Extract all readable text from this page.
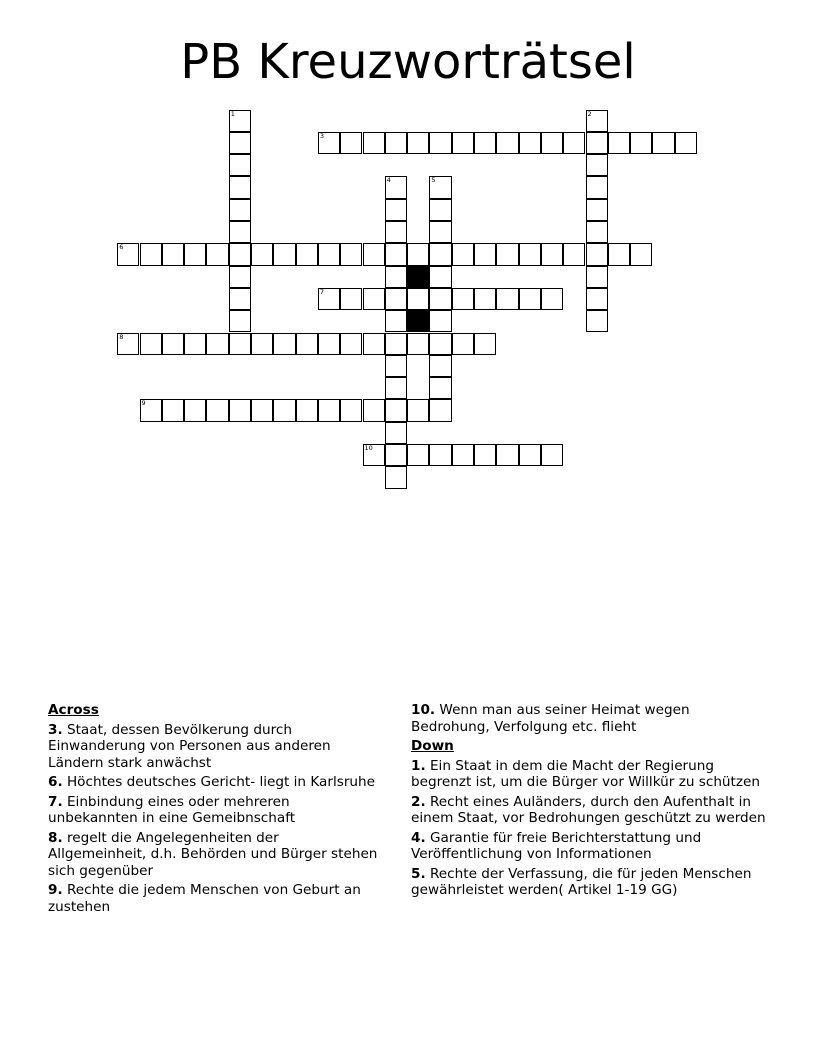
PB Kreuzworträtsel
3
6
7
8
9
10
1	2
4	5
Across
3. Staat, dessen Bevölkerung durch Einwanderung von Personen aus anderen Ländern stark anwächst
6. Höchtes deutsches Gericht- liegt in Karlsruhe
7. Einbindung eines oder mehreren unbekannten in eine Gemeibnschaft
8. regelt die Angelegenheiten der Allgemeinheit, d.h. Behörden und Bürger stehen sich gegenüber
9. Rechte die jedem Menschen von Geburt an zustehen
10. Wenn man aus seiner Heimat wegen Bedrohung, Verfolgung etc. flieht
Down
1. Ein Staat in dem die Macht der Regierung begrenzt ist, um die Bürger vor Willkür zu schützen
2. Recht eines Auländers, durch den Aufenthalt in einem Staat, vor Bedrohungen geschützt zu werden
4. Garantie für freie Berichterstattung und Veröffentlichung von Informationen
5. Rechte der Verfassung, die für jeden Menschen gewährleistet werden( Artikel 1-19 GG)
